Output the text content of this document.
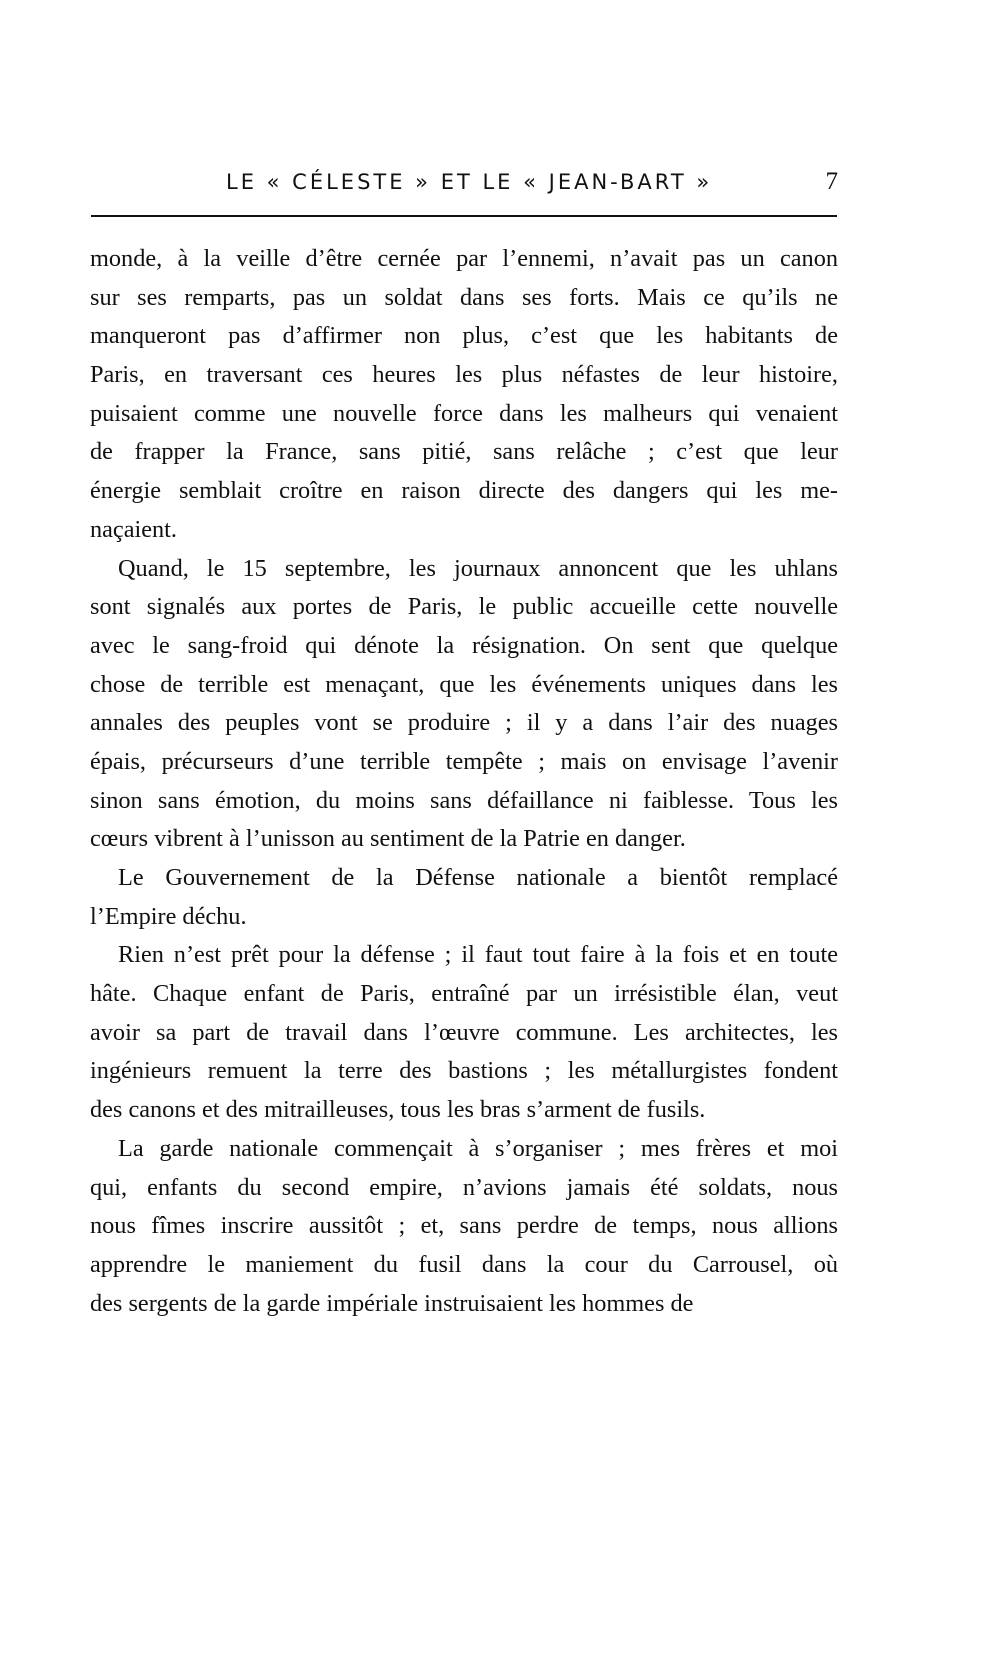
LE « CÉLESTE » ET LE « JEAN-BART »	7
monde, à la veille d’être cernée par l’ennemi, n’avait pas un canon
sur ses remparts, pas un soldat dans ses forts. Mais ce qu’ils ne
manqueront pas d’affirmer non plus, c’est que les habitants de
Paris, en traversant ces heures les plus néfastes de leur histoire,
puisaient comme une nouvelle force dans les malheurs qui venaient
de frapper la France, sans pitié, sans relâche ; c’est que leur
énergie semblait croître en raison directe des dangers qui les me-
naçaient.
Quand, le 15 septembre, les journaux annoncent que les uhlans
sont signalés aux portes de Paris, le public accueille cette nouvelle
avec le sang-froid qui dénote la résignation. On sent que quelque
chose de terrible est menaçant, que les événements uniques dans les
annales des peuples vont se produire ; il y a dans l’air des nuages
épais, précurseurs d’une terrible tempête ; mais on envisage l’avenir
sinon sans émotion, du moins sans défaillance ni faiblesse. Tous les
cœurs vibrent à l’unisson au sentiment de la Patrie en danger.
Le Gouvernement de la Défense nationale a bientôt remplacé
l’Empire déchu.
Rien n’est prêt pour la défense ; il faut tout faire à la fois et en toute
hâte. Chaque enfant de Paris, entraîné par un irrésistible élan, veut
avoir sa part de travail dans l’œuvre commune. Les architectes, les
ingénieurs remuent la terre des bastions ; les métallurgistes fondent
des canons et des mitrailleuses, tous les bras s’arment de fusils.
La garde nationale commençait à s’organiser ; mes frères et moi
qui, enfants du second empire, n’avions jamais été soldats, nous
nous fîmes inscrire aussitôt ; et, sans perdre de temps, nous allions
apprendre le maniement du fusil dans la cour du Carrousel, où
des sergents de la garde impériale instruisaient les hommes de
